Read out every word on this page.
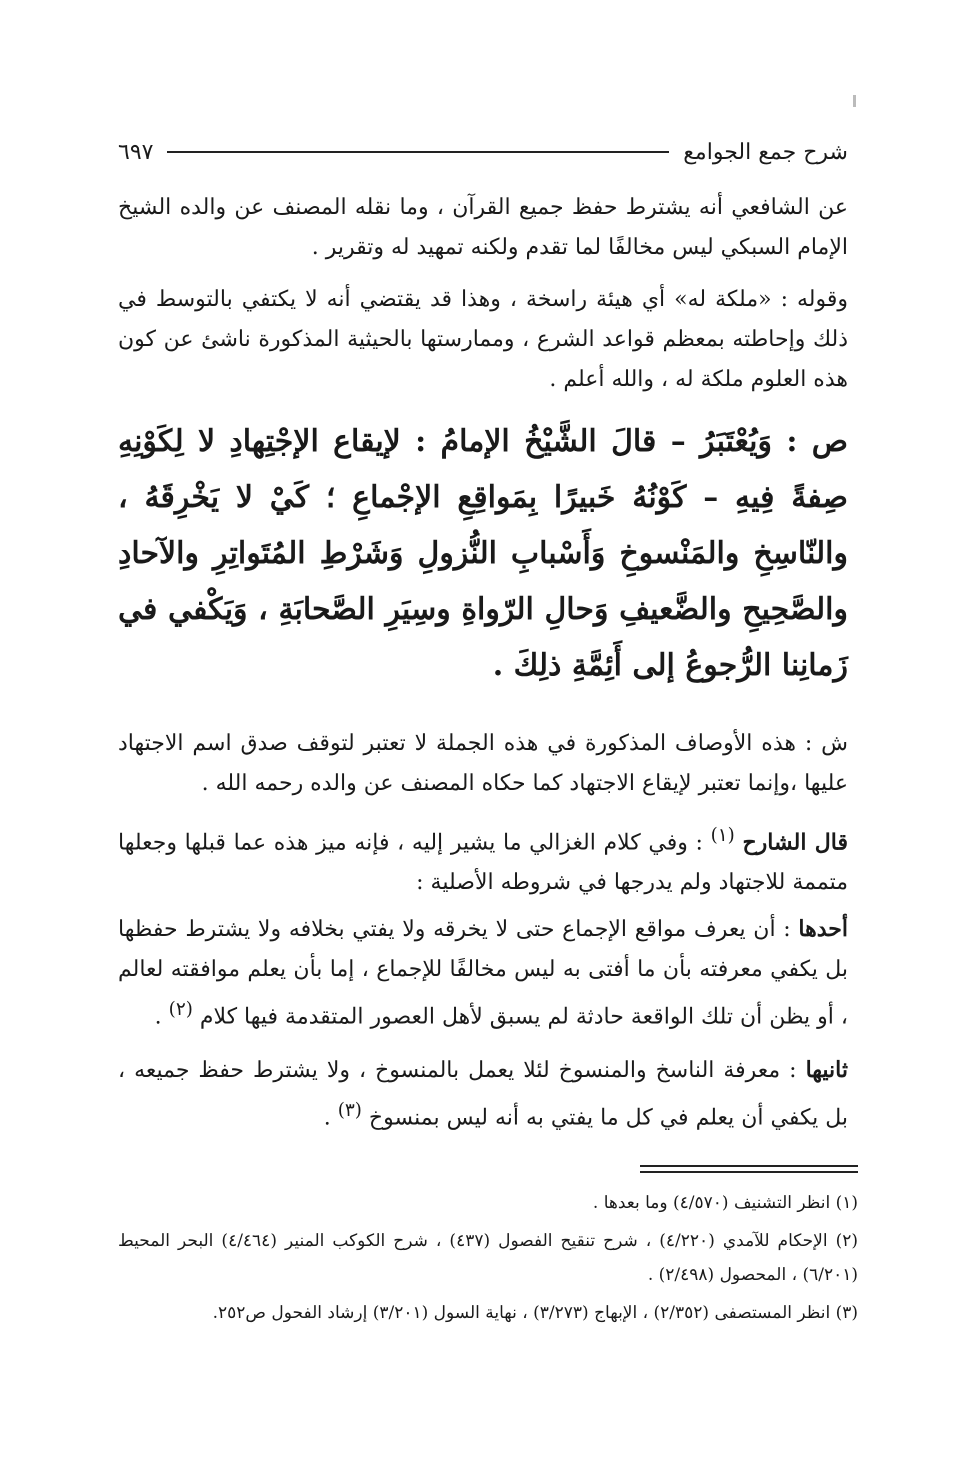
شرح جمع الجوامع
٦٩٧

عن الشافعي أنه يشترط حفظ جميع القرآن ، وما نقله المصنف عن والده الشيخ الإمام السبكي ليس مخالفًا لما تقدم ولكنه تمهيد له وتقرير .

وقوله : «ملكة له» أي هيئة راسخة ، وهذا قد يقتضي أنه لا يكتفي بالتوسط في ذلك وإحاطته بمعظم قواعد الشرع ، وممارستها بالحيثية المذكورة ناشئ عن كون هذه العلوم ملكة له ، والله أعلم .

ص : وَيُعْتَبَرُ – قالَ الشَّيْخُ الإمامُ : لإيقاع الإجْتِهادِ لا لِكَوْنِهِ صِفةً فِيهِ – كَوْنُهُ خَبيرًا بِمَواقِعِ الإجْماعِ ؛ كَيْ لا يَخْرِقَهُ ، والنّاسِخِ والمَنْسوخِ وَأَسْبابِ النُّزولِ وَشَرْطِ المُتَواتِرِ والآحادِ والصَّحِيحِ والضَّعيفِ وَحالِ الرّواةِ وسِيَرِ الصَّحابَةِ ، وَيَكْفي في زَمانِنا الرُّجوعُ إلى أَئِمَّةِ ذلِكَ .

ش : هذه الأوصاف المذكورة في هذه الجملة لا تعتبر لتوقف صدق اسم الاجتهاد عليها ،وإنما تعتبر لإيقاع الاجتهاد كما حكاه المصنف عن والده رحمه الله .

قال الشارح $^{(١)}$ : وفي كلام الغزالي ما يشير إليه ، فإنه ميز هذه عما قبلها وجعلها متممة للاجتهاد ولم يدرجها في شروطه الأصلية :

أحدها : أن يعرف مواقع الإجماع حتى لا يخرقه ولا يفتي بخلافه ولا يشترط حفظها بل يكفي معرفته بأن ما أفتى به ليس مخالفًا للإجماع ، إما بأن يعلم موافقته لعالم ، أو يظن أن تلك الواقعة حادثة لم يسبق لأهل العصور المتقدمة فيها كلام $^{(٢)}$ .

ثانيها : معرفة الناسخ والمنسوخ لئلا يعمل بالمنسوخ ، ولا يشترط حفظ جميعه ، بل يكفي أن يعلم في كل ما يفتي به أنه ليس بمنسوخ $^{(٣)}$ .

(١) انظر التشنيف (٤/٥٧٠) وما بعدها .

(٢) الإحكام للآمدي (٤/٢٢٠) ، شرح تنقيح الفصول (٤٣٧) ، شرح الكوكب المنير (٤/٤٦٤) البحر المحيط (٦/٢٠١) ، المحصول (٢/٤٩٨) .

(٣) انظر المستصفى (٢/٣٥٢) ، الإبهاج (٣/٢٧٣) ، نهاية السول (٣/٢٠١) إرشاد الفحول ص٢٥٢.
